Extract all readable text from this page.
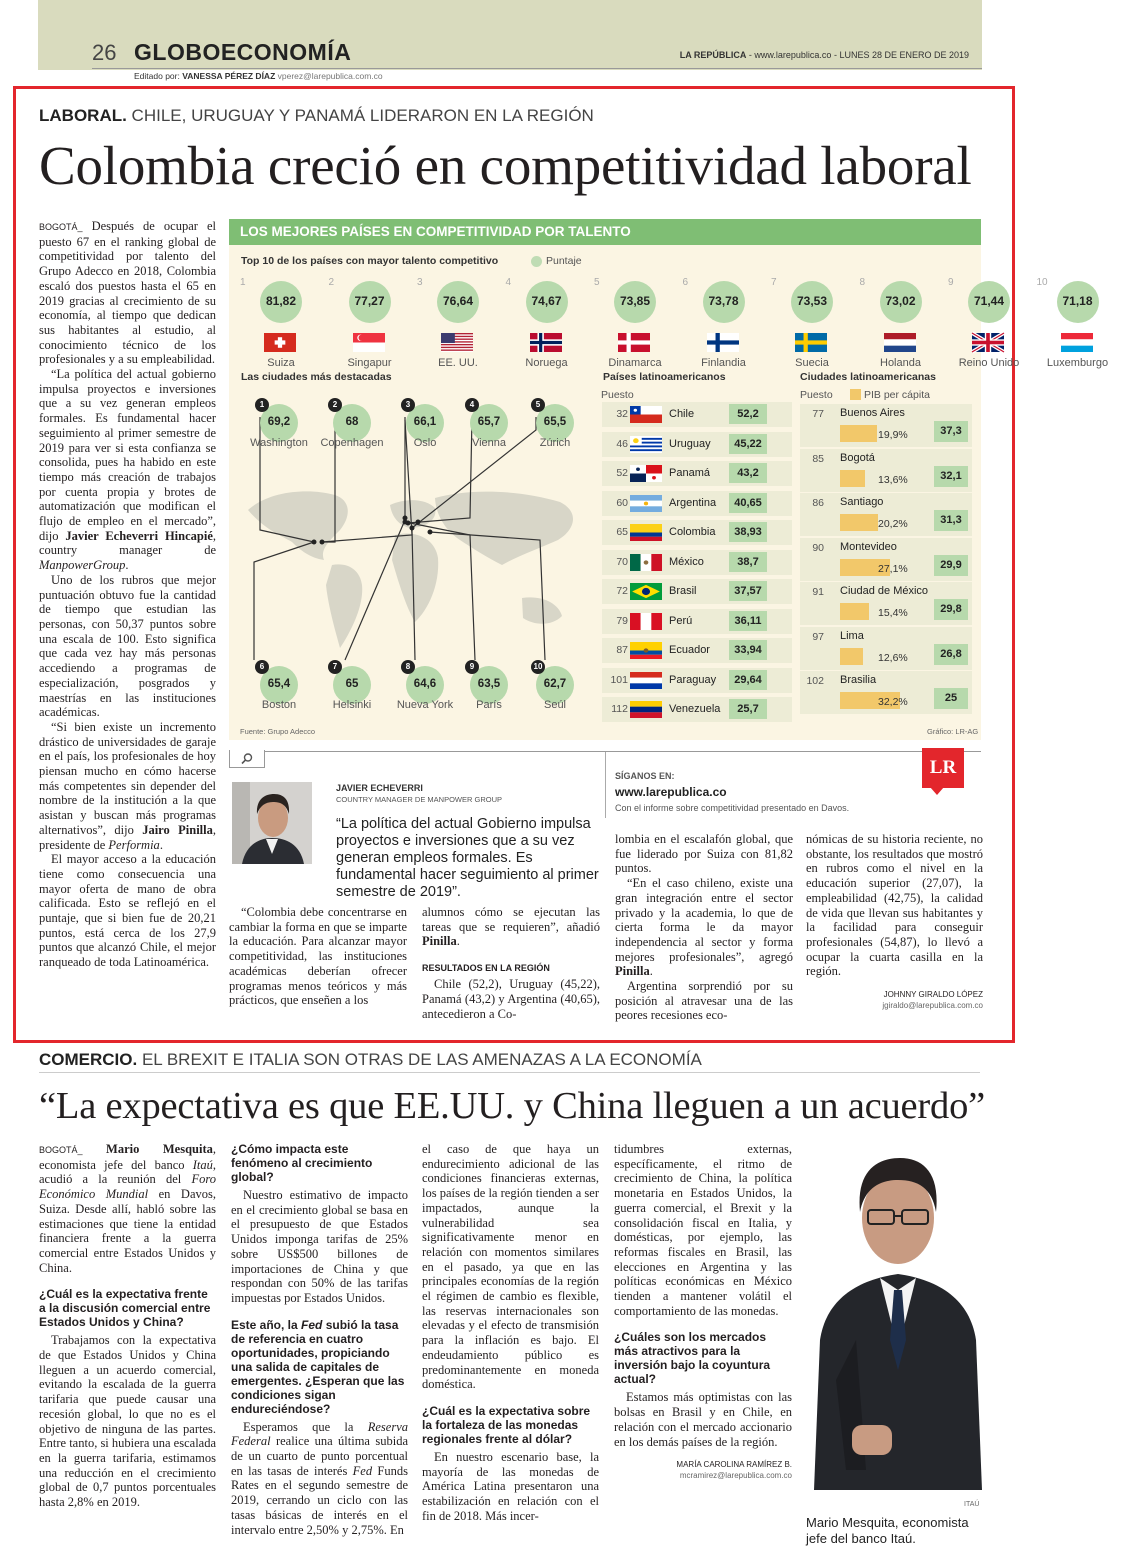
26 GLOBOECONOMÍA
Editado por: VANESSA PÉREZ DÍAZ vperez@larepublica.com.co
LA REPÚBLICA - www.larepublica.co - LUNES 28 DE ENERO DE 2019
LABORAL. CHILE, URUGUAY Y PANAMÁ LIDERARON EN LA REGIÓN
Colombia creció en competitividad laboral

BOGOTÁ_ Después de ocupar el puesto 67 en el ranking global de competitividad por talento del Grupo Adecco en 2018, Colombia escaló dos puestos hasta el 65 en 2019 gracias al crecimiento de su economía, al tiempo que dedican sus habitantes al estudio, al conocimiento técnico de los profesionales y a su empleabilidad.

“La política del actual gobierno impulsa proyectos e inversiones que a su vez generan empleos formales. Es fundamental hacer seguimiento al primer semestre de 2019 para ver si esta confianza se consolida, pues ha habido en este tiempo más creación de trabajos por cuenta propia y brotes de automatización que modifican el flujo de empleo en el mercado”, dijo Javier Echeverri Hincapié, country manager de ManpowerGroup.

Uno de los rubros que mejor puntuación obtuvo fue la cantidad de tiempo que estudian las personas, con 50,37 puntos sobre una escala de 100. Esto significa que cada vez hay más personas accediendo a programas de especialización, posgrados y maestrías en las instituciones académicas.

“Si bien existe un incremento drástico de universidades de garaje en el país, los profesionales de hoy piensan mucho en cómo hacerse más competentes sin depender del nombre de la institución a la que asistan y buscan más programas alternativos”, dijo Jairo Pinilla, presidente de Performia.

El mayor acceso a la educación tiene como consecuencia una mayor oferta de mano de obra calificada. Esto se reflejó en el puntaje, que si bien fue de 20,21 puntos, está cerca de los 27,9 puntos que alcanzó Chile, el mejor ranqueado de toda Latinoamérica.

LOS MEJORES PAÍSES EN COMPETITIVIDAD POR TALENTO
Top 10 de los países con mayor talento competitivo	Puntaje
1
81,82
Suiza
2
77,27
Singapur
3
76,64
EE. UU.
4
74,67
Noruega
5
73,85
Dinamarca
6
73,78
Finlandia
7
73,53
Suecia
8
73,02
Holanda
9
71,44
Reino Unido
10
71,18
Luxemburgo
Las ciudades más destacadas
1
69,2
Washington
2
68
Copenhagen
3
66,1
Oslo
4
65,7
Vienna
5
65,5
Zúrich
6
65,4
Boston
7
65
Helsinki
8
64,6
Nueva York
9
63,5
París
10
62,7
Seúl
Países latinoamericanos
Puesto
32	Chile	52,2
46	Uruguay	45,22
52	Panamá	43,2
60	Argentina	40,65
65	Colombia	38,93
70	México	38,7
72	Brasil	37,57
79	Perú	36,11
87	Ecuador	33,94
101	Paraguay	29,64
112	Venezuela	25,7
Ciudades latinoamericanas
Puesto	PIB per cápita
77 Buenos Aires
19,9%	37,3
85 Bogotá
13,6%	32,1
86 Santiago
20,2%	31,3
90 Montevideo
27,1%	29,9
91 Ciudad de México
15,4%	29,8
97 Lima
12,6%	26,8
102 Brasilia
32,2%	25
Fuente: Grupo Adecco	Gráfico: LR-AG
SÍGANOS EN:
www.larepublica.co
Con el informe sobre competitividad presentado en Davos.
LR
JAVIER ECHEVERRI
COUNTRY MANAGER DE MANPOWER GROUP
“La política del actual Gobierno impulsa proyectos e inversiones que a su vez generan empleos formales. Es fundamental hacer seguimiento al primer semestre de 2019”.

“Colombia debe concentrarse en cambiar la forma en que se imparte la educación. Para alcanzar mayor competitividad, las instituciones académicas deberían ofrecer programas menos teóricos y más prácticos, que enseñen a los

alumnos cómo se ejecutan las tareas que se requieren”, añadió Pinilla.

RESULTADOS EN LA REGIÓN

Chile (52,2), Uruguay (45,22), Panamá (43,2) y Argentina (40,65), antecedieron a Co-

lombia en el escalafón global, que fue liderado por Suiza con 81,82 puntos.

“En el caso chileno, existe una gran integración entre el sector privado y la academia, lo que de cierta forma le da mayor independencia al sector y forma mejores profesionales”, agregó Pinilla.

Argentina sorprendió por su posición al atravesar una de las peores recesiones eco-

nómicas de su historia reciente, no obstante, los resultados que mostró en rubros como el nivel en la educación superior (27,07), la empleabilidad (42,75), la calidad de vida que llevan sus habitantes y la facilidad para conseguir profesionales (54,87), lo llevó a ocupar la cuarta casilla en la región.

JOHNNY GIRALDO LÓPEZ
jgiraldo@larepublica.com.co
COMERCIO. EL BREXIT E ITALIA SON OTRAS DE LAS AMENAZAS A LA ECONOMÍA
“La expectativa es que EE.UU. y China lleguen a un acuerdo”

BOGOTÁ_ Mario Mesquita, economista jefe del banco Itaú, acudió a la reunión del Foro Económico Mundial en Davos, Suiza. Desde allí, habló sobre las estimaciones que tiene la entidad financiera frente a la guerra comercial entre Estados Unidos y China.

¿Cuál es la expectativa frente a la discusión comercial entre Estados Unidos y China?

Trabajamos con la expectativa de que Estados Unidos y China lleguen a un acuerdo comercial, evitando la escalada de la guerra tarifaria que puede causar una recesión global, lo que no es el objetivo de ninguna de las partes. Entre tanto, si hubiera una escalada en la guerra tarifaria, estimamos una reducción en el crecimiento global de 0,7 puntos porcentuales hasta 2,8% en 2019.

¿Cómo impacta este fenómeno al crecimiento global?

Nuestro estimativo de impacto en el crecimiento global se basa en el presupuesto de que Estados Unidos imponga tarifas de 25% sobre US$500 billones de importaciones de China y que respondan con 50% de las tarifas impuestas por Estados Unidos.

Este año, la Fed subió la tasa de referencia en cuatro oportunidades, propiciando una salida de capitales de emergentes. ¿Esperan que las condiciones sigan endureciéndose?

Esperamos que la Reserva Federal realice una última subida de un cuarto de punto porcentual en las tasas de interés Fed Funds Rates en el segundo semestre de 2019, cerrando un ciclo con las tasas básicas de interés en el intervalo entre 2,50% y 2,75%. En

el caso de que haya un endurecimiento adicional de las condiciones financieras externas, los países de la región tienden a ser impactados, aunque la vulnerabilidad sea significativamente menor en relación con momentos similares en el pasado, ya que en las principales economías de la región el régimen de cambio es flexible, las reservas internacionales son elevadas y el efecto de transmisión para la inflación es bajo. El endeudamiento público es predominantemente en moneda doméstica.

¿Cuál es la expectativa sobre la fortaleza de las monedas regionales frente al dólar?

En nuestro escenario base, la mayoría de las monedas de América Latina presentaron una estabilización en relación con el fin de 2018. Más incer-

tidumbres externas, específicamente, el ritmo de crecimiento de China, la política monetaria en Estados Unidos, la guerra comercial, el Brexit y la consolidación fiscal en Italia, y domésticas, por ejemplo, las reformas fiscales en Brasil, las elecciones en Argentina y las políticas económicas en México tienden a mantener volátil el comportamiento de las monedas.

¿Cuáles son los mercados más atractivos para la inversión bajo la coyuntura actual?

Estamos más optimistas con las bolsas en Brasil y en Chile, en relación con el mercado accionario en los demás países de la región.

MARÍA CAROLINA RAMÍREZ B.
mcramirez@larepublica.com.co
ITAÚ
Mario Mesquita, economista jefe del banco Itaú.
